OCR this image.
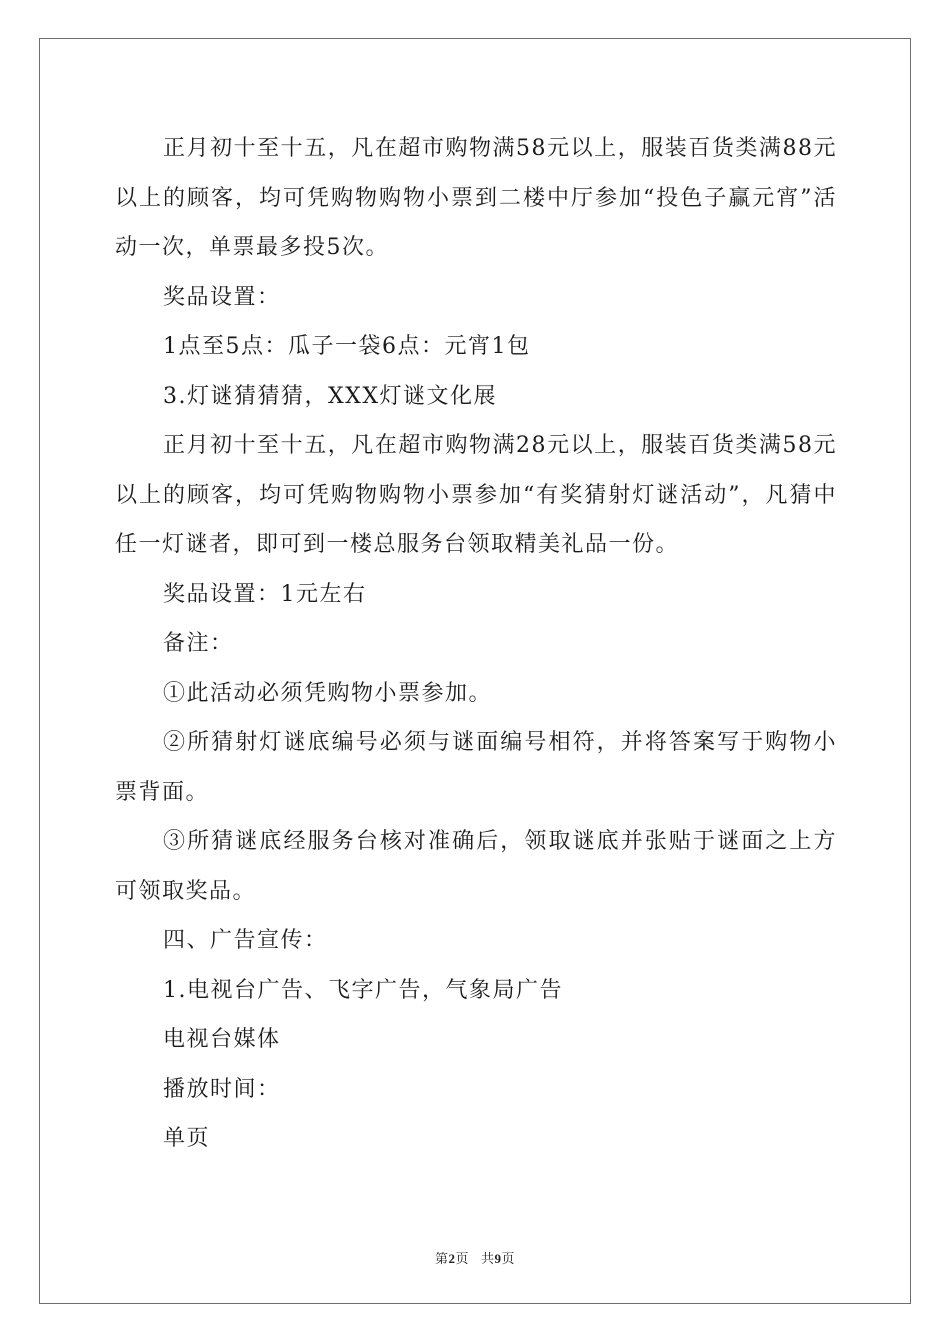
正月初十至十五，凡在超市购物满58元以上，服装百货类满88元以上的顾客，均可凭购物购物小票到二楼中厅参加“投色子赢元宵”活动一次，单票最多投5次。

奖品设置：

1点至5点：瓜子一袋6点：元宵1包

3.灯谜猜猜猜，XXX灯谜文化展

正月初十至十五，凡在超市购物满28元以上，服装百货类满58元以上的顾客，均可凭购物购物小票参加“有奖猜射灯谜活动”，凡猜中任一灯谜者，即可到一楼总服务台领取精美礼品一份。

奖品设置：1元左右

备注：

①此活动必须凭购物小票参加。

②所猜射灯谜底编号必须与谜面编号相符，并将答案写于购物小票背面。

③所猜谜底经服务台核对准确后，领取谜底并张贴于谜面之上方可领取奖品。

四、广告宣传：

1.电视台广告、飞字广告，气象局广告

电视台媒体

播放时间：

单页

第2页 共9页
